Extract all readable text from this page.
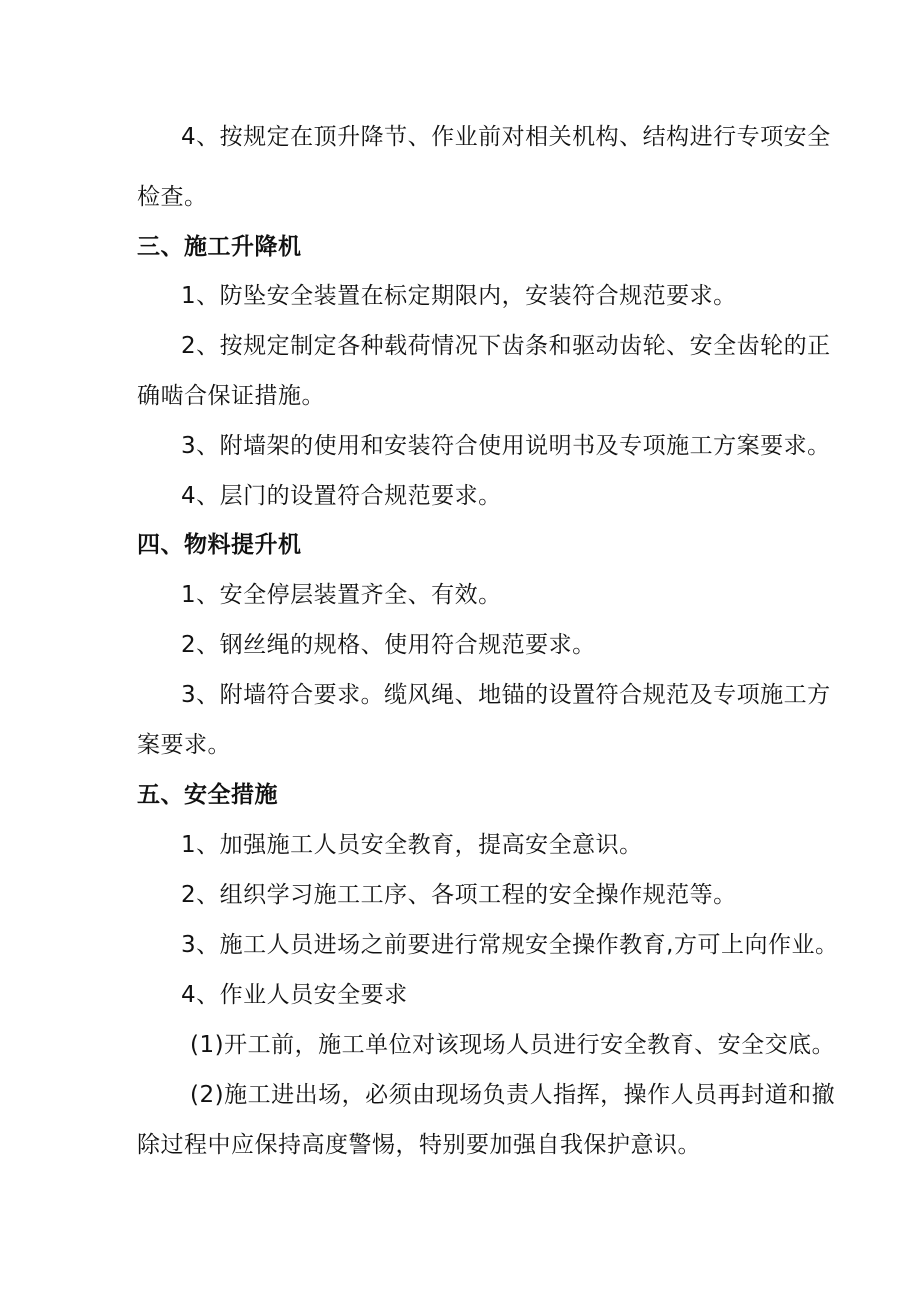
4、按规定在顶升降节、作业前对相关机构、结构进行专项安全
检查。
三、施工升降机
1、防坠安全装置在标定期限内，安装符合规范要求。
2、按规定制定各种载荷情况下齿条和驱动齿轮、安全齿轮的正
确啮合保证措施。
3、附墙架的使用和安装符合使用说明书及专项施工方案要求。
4、层门的设置符合规范要求。
四、物料提升机
1、安全停层装置齐全、有效。
2、钢丝绳的规格、使用符合规范要求。
3、附墙符合要求。缆风绳、地锚的设置符合规范及专项施工方
案要求。
五、安全措施
1、加强施工人员安全教育，提高安全意识。
2、组织学习施工工序、各项工程的安全操作规范等。
3、施工人员进场之前要进行常规安全操作教育,方可上向作业。
4、作业人员安全要求
(1)开工前，施工单位对该现场人员进行安全教育、安全交底。
(2)施工进出场，必须由现场负责人指挥，操作人员再封道和撤
除过程中应保持高度警惕，特别要加强自我保护意识。
